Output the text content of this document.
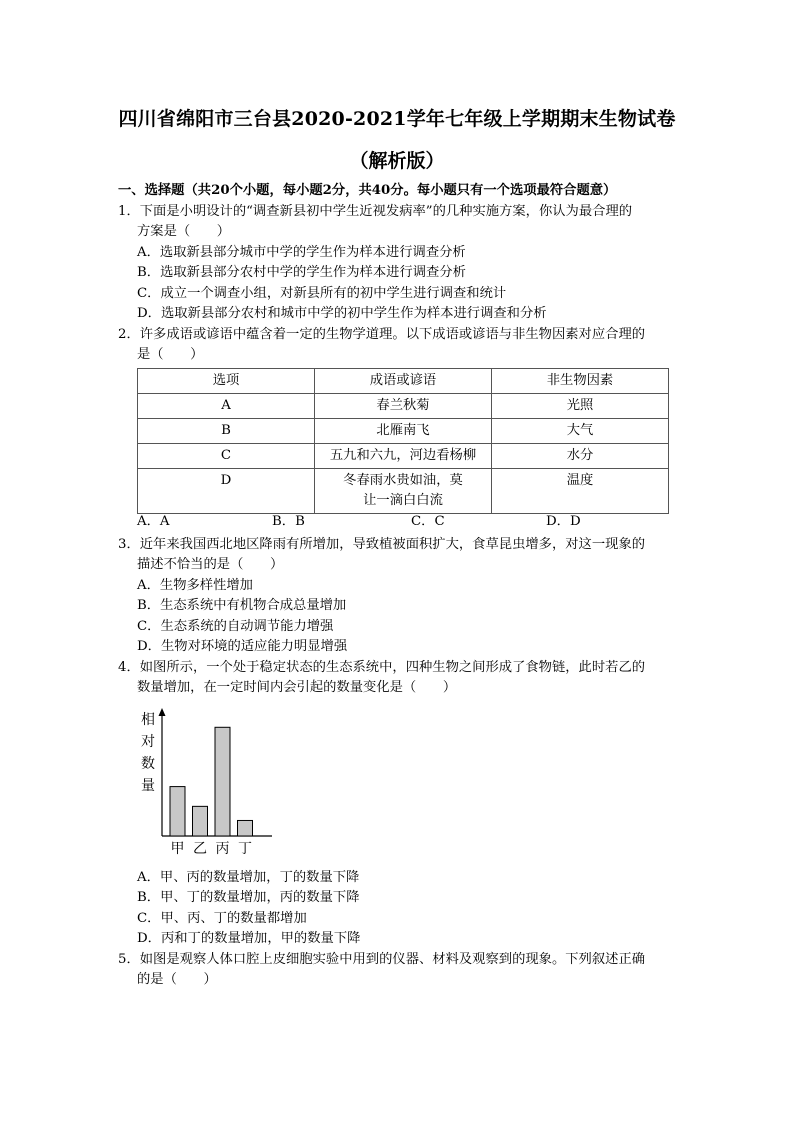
四川省绵阳市三台县2020-2021学年七年级上学期期末生物试卷
（解析版）
一、选择题（共20个小题，每小题2分，共40分。每小题只有一个选项最符合题意）
1．下面是小明设计的“调查新县初中学生近视发病率”的几种实施方案，你认为最合理的
方案是（　　）
A．选取新县部分城市中学的学生作为样本进行调查分析
B．选取新县部分农村中学的学生作为样本进行调查分析
C．成立一个调查小组，对新县所有的初中学生进行调查和统计
D．选取新县部分农村和城市中学的初中学生作为样本进行调查和分析
2．许多成语或谚语中蕴含着一定的生物学道理。以下成语或谚语与非生物因素对应合理的
是（　　）
选项	成语或谚语	非生物因素
A	春兰秋菊	光照
B	北雁南飞	大气
C	五九和六九，河边看杨柳	水分
D	冬春雨水贵如油，莫让一滴白白流	温度
A．A	B．B	C．C	D．D
3．近年来我国西北地区降雨有所增加，导致植被面积扩大，食草昆虫增多，对这一现象的
描述不恰当的是（　　）
A．生物多样性增加
B．生态系统中有机物合成总量增加
C．生态系统的自动调节能力增强
D．生物对环境的适应能力明显增强
4．如图所示，一个处于稳定状态的生态系统中，四种生物之间形成了食物链，此时若乙的
数量增加，在一定时间内会引起的数量变化是（　　）
相
对
数
量
甲 乙 丙 丁
A．甲、丙的数量增加，丁的数量下降
B．甲、丁的数量增加，丙的数量下降
C．甲、丙、丁的数量都增加
D．丙和丁的数量增加，甲的数量下降
5．如图是观察人体口腔上皮细胞实验中用到的仪器、材料及观察到的现象。下列叙述正确
的是（　　）
